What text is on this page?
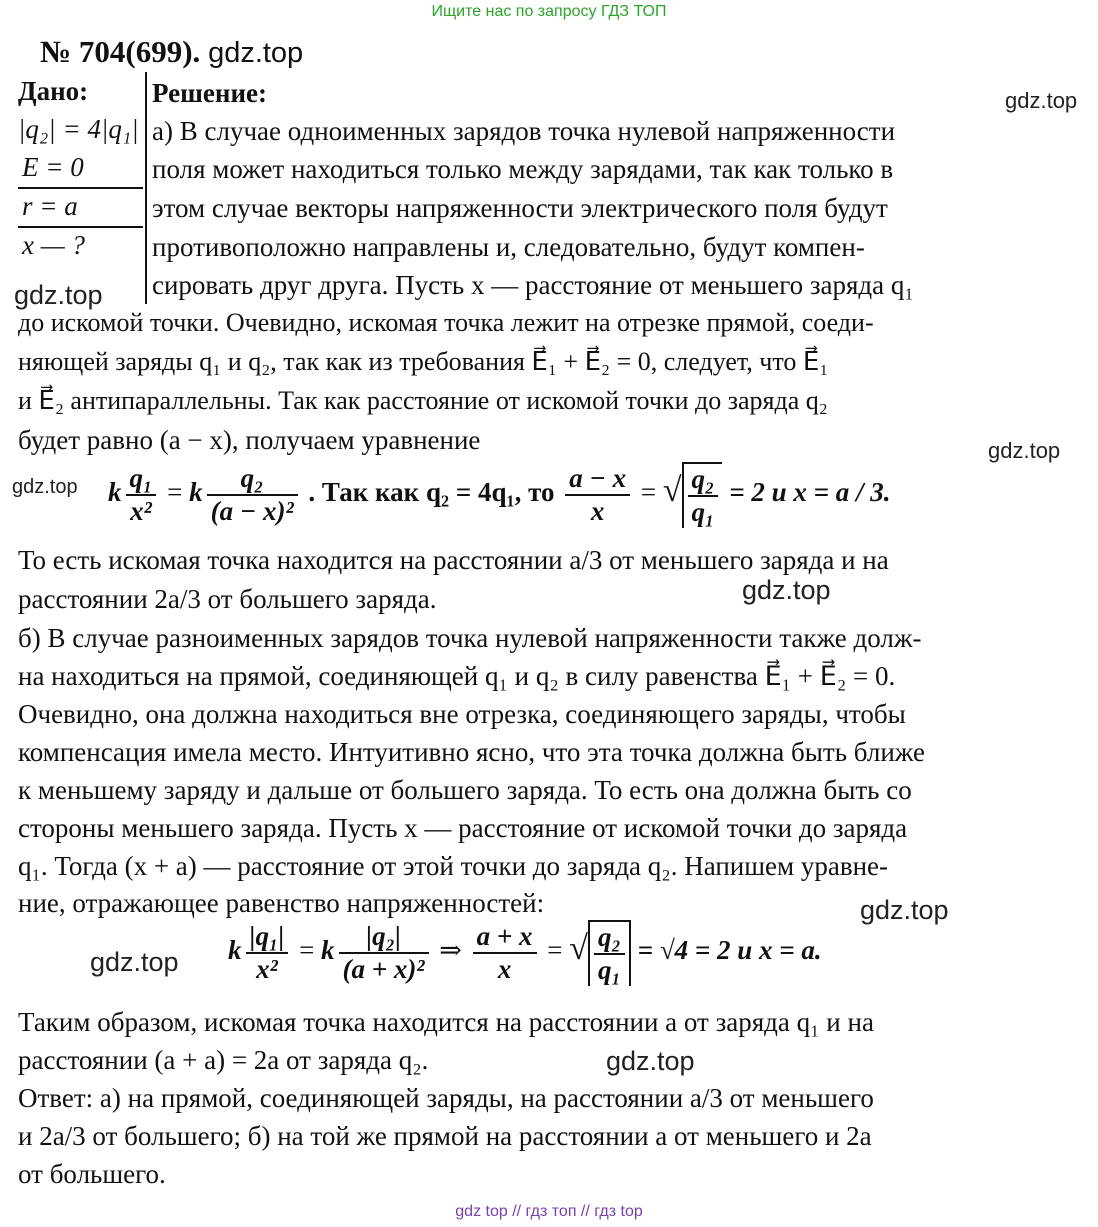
Ищите нас по запросу ГДЗ ТОП
№ 704(699). gdz.top
Дано:
|q₂| = 4|q₁|
E = 0
r = a
x — ?
gdz.top
gdz.top
Решение:
а) В случае одноименных зарядов точка нулевой напряженности
поля может находиться только между зарядами, так как только в
этом случае векторы напряженности электрического поля будут
противоположно направлены и, следовательно, будут компен-
сировать друг друга. Пусть x — расстояние от меньшего заряда q₁
до искомой точки. Очевидно, искомая точка лежит на отрезке прямой, соеди-
няющей заряды q₁ и q₂, так как из требования E⃗₁ + E⃗₂ = 0, следует, что E⃗₁
и E⃗₂ антипараллельны. Так как расстояние от искомой точки до заряда q₂
будет равно (a − x), получаем уравнение	gdz.top
gdz.top k $\frac{\text{q₁}}{\text{x²}} = k \frac{\text{q₂}}{\text{(a − x)²}}$ . Так как q₂ = 4q₁, то $\frac{a - x}{x}$ = √ $\frac{\text{q₂}}{\text{q₁}} = 2$ и x = a / 3.
То есть искомая точка находится на расстоянии a/3 от меньшего заряда и на
расстоянии 2a/3 от большего заряда.	gdz.top
б) В случае разноименных зарядов точка нулевой напряженности также долж-
на находиться на прямой, соединяющей q₁ и q₂ в силу равенства E⃗₁ + E⃗₂ = 0.
Очевидно, она должна находиться вне отрезка, соединяющего заряды, чтобы
компенсация имела место. Интуитивно ясно, что эта точка должна быть ближе
к меньшему заряду и дальше от большего заряда. То есть она должна быть со
стороны меньшего заряда. Пусть x — расстояние от искомой точки до заряда
q₁. Тогда (x + a) — расстояние от этой точки до заряда q₂. Напишем уравне-
ние, отражающее равенство напряженностей:	gdz.top
gdz.top k $\frac{\text{|q₁|}}{\text{x²}} = k \frac{\text{|q₂|}}{\text{(a + x)²}}$ ⇒ $\frac{a + x}{x}$ = √ $\frac{\text{q₂}}{\text{q₁}} = √4 = 2$ и x = a.
Таким образом, искомая точка находится на расстоянии a от заряда q₁ и на
расстоянии (a + a) = 2a от заряда q₂.	gdz.top
Ответ: а) на прямой, соединяющей заряды, на расстоянии a/3 от меньшего
и 2a/3 от большего; б) на той же прямой на расстоянии a от меньшего и 2a
от большего.
gdz top // гдз топ // гдз top
